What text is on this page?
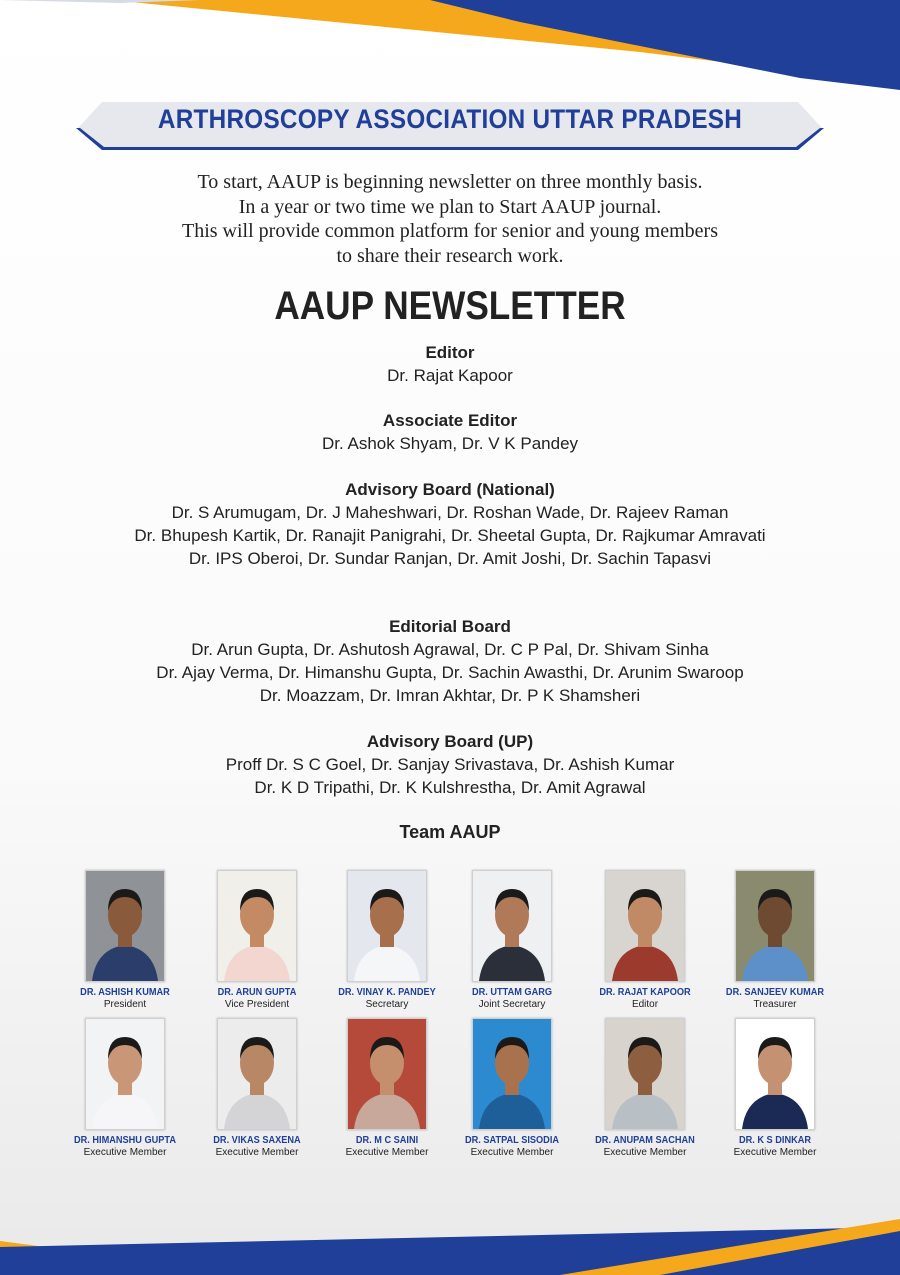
ARTHROSCOPY ASSOCIATION UTTAR PRADESH
To start, AAUP is beginning newsletter on three monthly basis.
In a year or two time we plan to Start AAUP journal.
This will provide common platform for senior and young members
to share their research work.
AAUP NEWSLETTER
Editor
Dr. Rajat Kapoor
Associate Editor
Dr. Ashok Shyam, Dr. V K Pandey
Advisory Board (National)
Dr. S Arumugam, Dr. J Maheshwari, Dr. Roshan Wade, Dr. Rajeev Raman
Dr. Bhupesh Kartik, Dr. Ranajit Panigrahi, Dr. Sheetal Gupta, Dr. Rajkumar Amravati
Dr. IPS Oberoi, Dr. Sundar Ranjan, Dr. Amit Joshi, Dr. Sachin Tapasvi
Editorial Board
Dr. Arun Gupta, Dr. Ashutosh Agrawal, Dr. C P Pal, Dr. Shivam Sinha
Dr. Ajay Verma, Dr. Himanshu Gupta, Dr. Sachin Awasthi, Dr. Arunim Swaroop
Dr. Moazzam, Dr. Imran Akhtar, Dr. P K Shamsheri
Advisory Board (UP)
Proff Dr. S C Goel, Dr. Sanjay Srivastava, Dr. Ashish Kumar
Dr. K D Tripathi, Dr. K Kulshrestha, Dr. Amit Agrawal
Team AAUP
DR. ASHISH KUMAR
President
DR. ARUN GUPTA
Vice President
DR. VINAY K. PANDEY
Secretary
DR. UTTAM GARG
Joint Secretary
DR. RAJAT KAPOOR
Editor
DR. SANJEEV KUMAR
Treasurer
DR. HIMANSHU GUPTA
Executive Member
DR. VIKAS SAXENA
Executive Member
DR. M C SAINI
Executive Member
DR. SATPAL SISODIA
Executive Member
DR. ANUPAM SACHAN
Executive Member
DR. K S DINKAR
Executive Member
